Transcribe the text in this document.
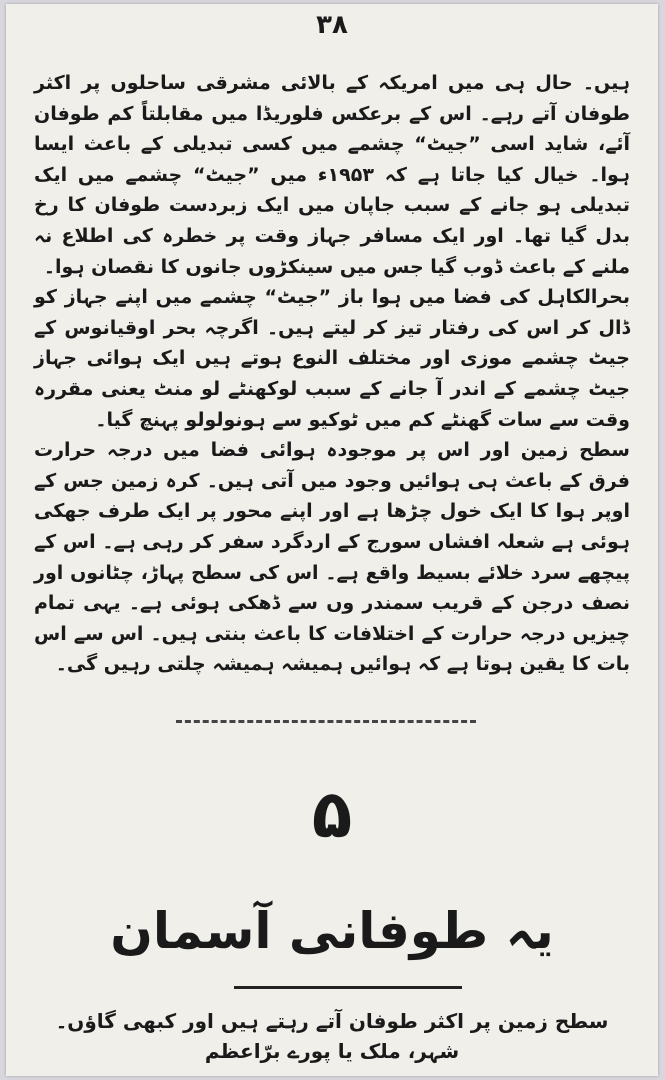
۳۸

ہیں۔ حال ہی میں امریکہ کے بالائی مشرقی ساحلوں پر اکثر طوفان آتے رہے۔ اس کے برعکس فلوریڈا میں مقابلتاً کم طوفان آئے، شاید اسی ”جیٹ“ چشمے میں کسی تبدیلی کے باعث ایسا ہوا۔ خیال کیا جاتا ہے کہ ۱۹۵۳ء میں ”جیٹ“ چشمے میں ایک تبدیلی ہو جانے کے سبب جاپان میں ایک زبردست طوفان کا رخ بدل گیا تھا۔ اور ایک مسافر جہاز وقت پر خطرہ کی اطلاع نہ ملنے کے باعث ڈوب گیا جس میں سینکڑوں جانوں کا نقصان ہوا۔

بحرالکاہل کی فضا میں ہوا باز ”جیٹ“ چشمے میں اپنے جہاز کو ڈال کر اس کی رفتار تیز کر لیتے ہیں۔ اگرچہ بحر اوقیانوس کے جیٹ چشمے موزی اور مختلف النوع ہوتے ہیں ایک ہوائی جہاز جیٹ چشمے کے اندر آ جانے کے سبب لوکھنٹے لو منٹ یعنی مقررہ وقت سے سات گھنٹے کم میں ٹوکیو سے ہونولولو پہنچ گیا۔

سطح زمین اور اس پر موجودہ ہوائی فضا میں درجہ حرارت فرق کے باعث ہی ہوائیں وجود میں آتی ہیں۔ کرہ زمین جس کے اوپر ہوا کا ایک خول چڑھا ہے اور اپنے محور پر ایک طرف جھکی ہوئی ہے شعلہ افشاں سورج کے اردگرد سفر کر رہی ہے۔ اس کے پیچھے سرد خلائے بسیط واقع ہے۔ اس کی سطح پہاڑ، چٹانوں اور نصف درجن کے قریب سمندر وں سے ڈھکی ہوئی ہے۔ یہی تمام چیزیں درجہ حرارت کے اختلافات کا باعث بنتی ہیں۔ اس سے اس بات کا یقین ہوتا ہے کہ ہوائیں ہمیشہ ہمیشہ چلتی رہیں گی۔

۵
یہ طوفانی آسمان
سطح زمین پر اکثر طوفان آتے رہتے ہیں اور کبھی گاؤں۔ شہر، ملک یا پورے برّاعظم
